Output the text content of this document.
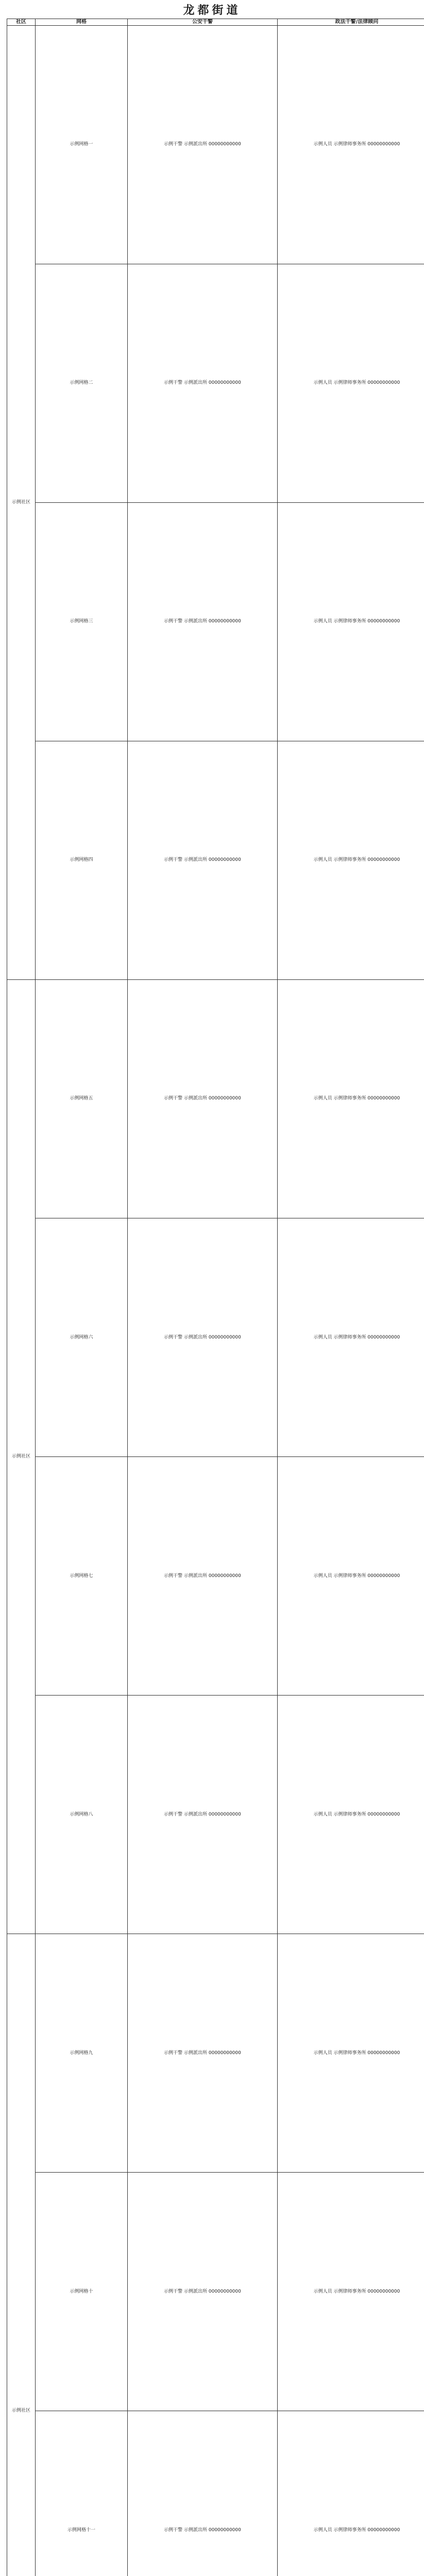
龙都街道
社区	网格	公安干警	政法干警/法律顾问
示例社区	示例网格一	示例干警 示例派出所 00000000000	示例人员 示例律师事务所 00000000000
	示例网格二	示例干警 示例派出所 00000000000	示例人员 示例律师事务所 00000000000
	示例网格三	示例干警 示例派出所 00000000000	示例人员 示例律师事务所 00000000000
	示例网格四	示例干警 示例派出所 00000000000	示例人员 示例律师事务所 00000000000
示例社区	示例网格五	示例干警 示例派出所 00000000000	示例人员 示例律师事务所 00000000000
	示例网格六	示例干警 示例派出所 00000000000	示例人员 示例律师事务所 00000000000
	示例网格七	示例干警 示例派出所 00000000000	示例人员 示例律师事务所 00000000000
	示例网格八	示例干警 示例派出所 00000000000	示例人员 示例律师事务所 00000000000
示例社区	示例网格九	示例干警 示例派出所 00000000000	示例人员 示例律师事务所 00000000000
	示例网格十	示例干警 示例派出所 00000000000	示例人员 示例律师事务所 00000000000
	示例网格十一	示例干警 示例派出所 00000000000	示例人员 示例律师事务所 00000000000
